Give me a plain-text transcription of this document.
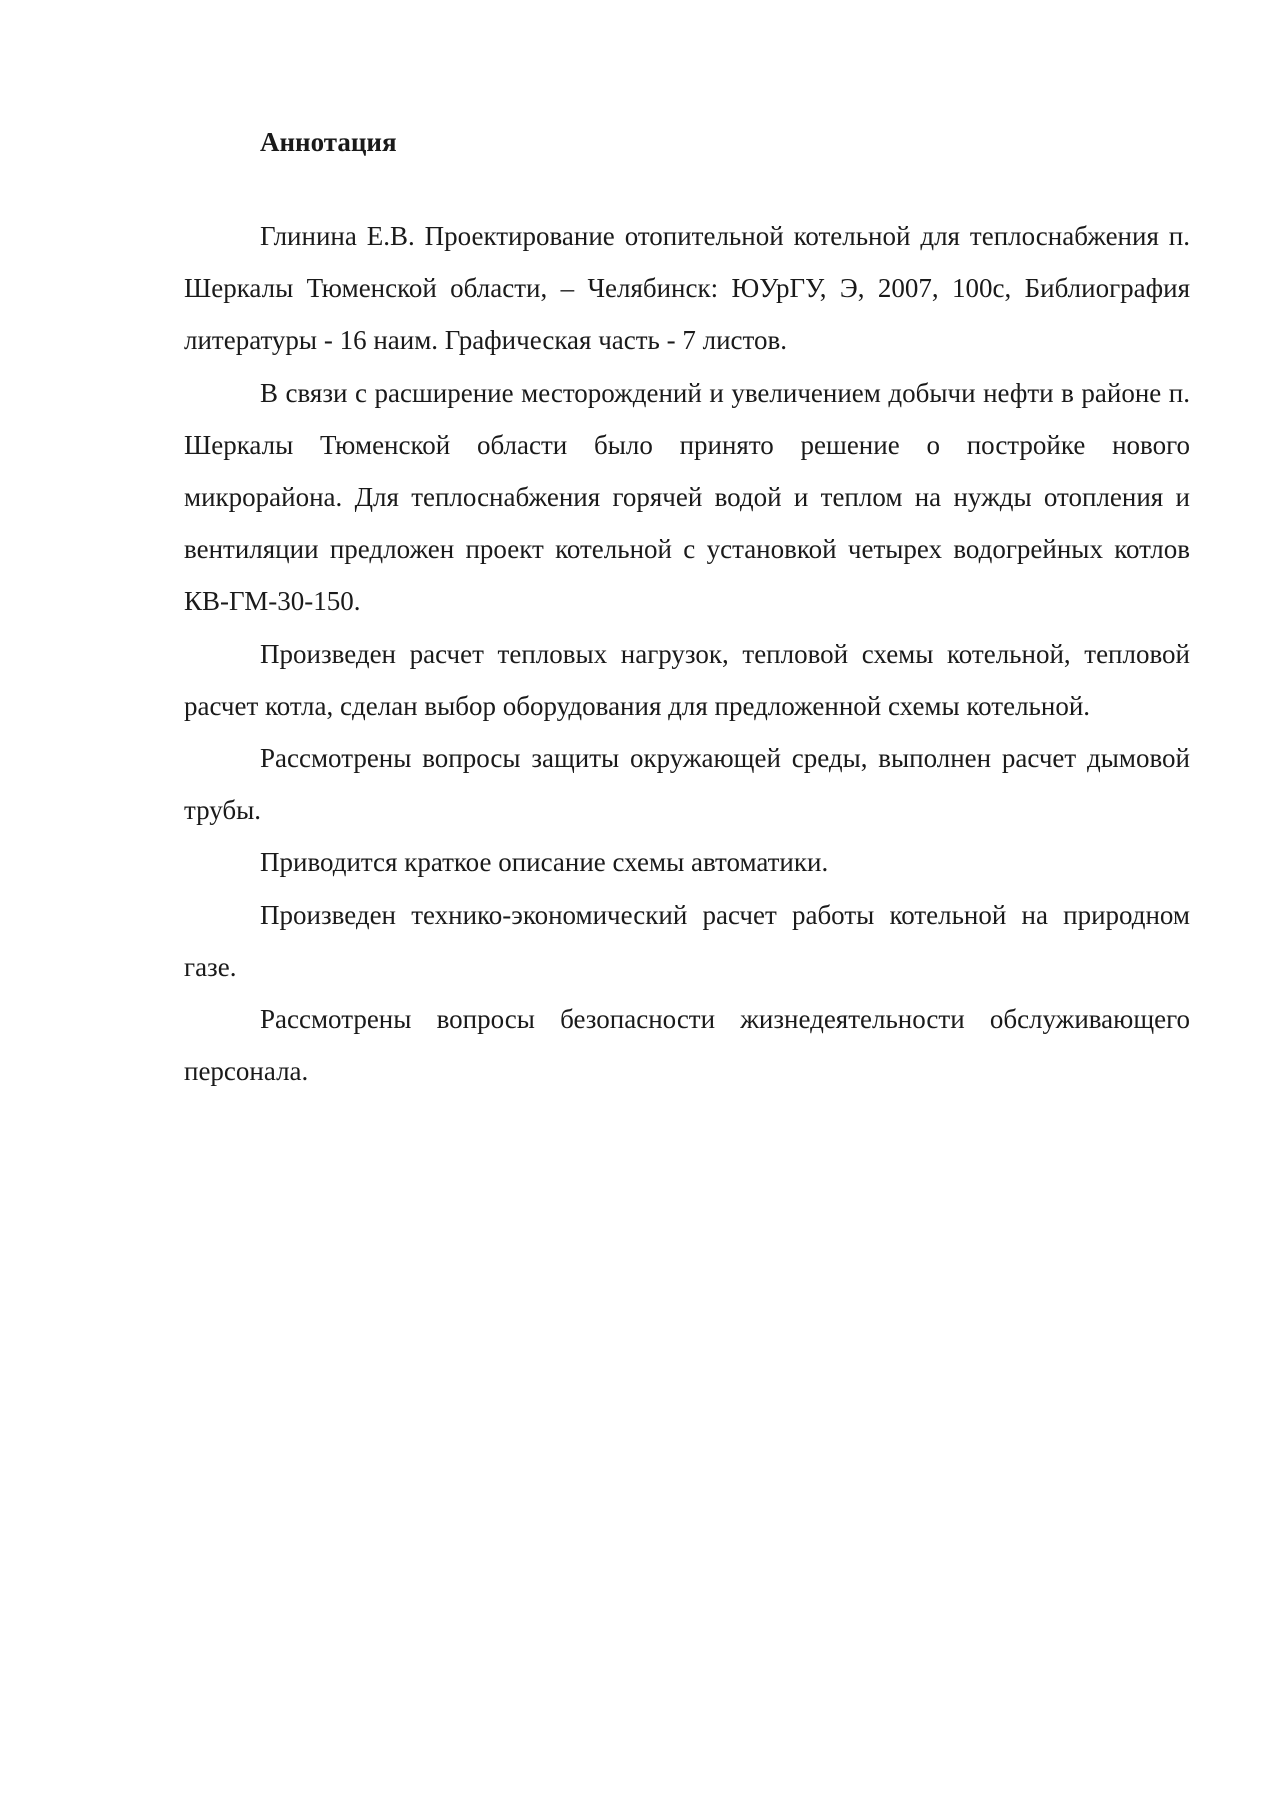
Аннотация

Глинина Е.В. Проектирование отопительной котельной для теплоснабжения п. Шеркалы Тюменской области, – Челябинск: ЮУрГУ, Э, 2007, 100с, Библиография литературы ‑ 16 наим. Графическая часть ‑ 7 листов.

В связи с расширение месторождений и увеличением добычи нефти в районе п. Шеркалы Тюменской области было принято решение о постройке нового микрорайона. Для теплоснабжения горячей водой и теплом на нужды отопления и вентиляции предложен проект котельной с установкой четырех водогрейных котлов КВ-ГМ-30-150.

Произведен расчет тепловых нагрузок, тепловой схемы котельной, тепловой расчет котла, сделан выбор оборудования для предложенной схемы котельной.

Рассмотрены вопросы защиты окружающей среды, выполнен расчет дымовой трубы.

Приводится краткое описание схемы автоматики.

Произведен технико-экономический расчет работы котельной на природном газе.

Рассмотрены вопросы безопасности жизнедеятельности обслуживающего персонала.
